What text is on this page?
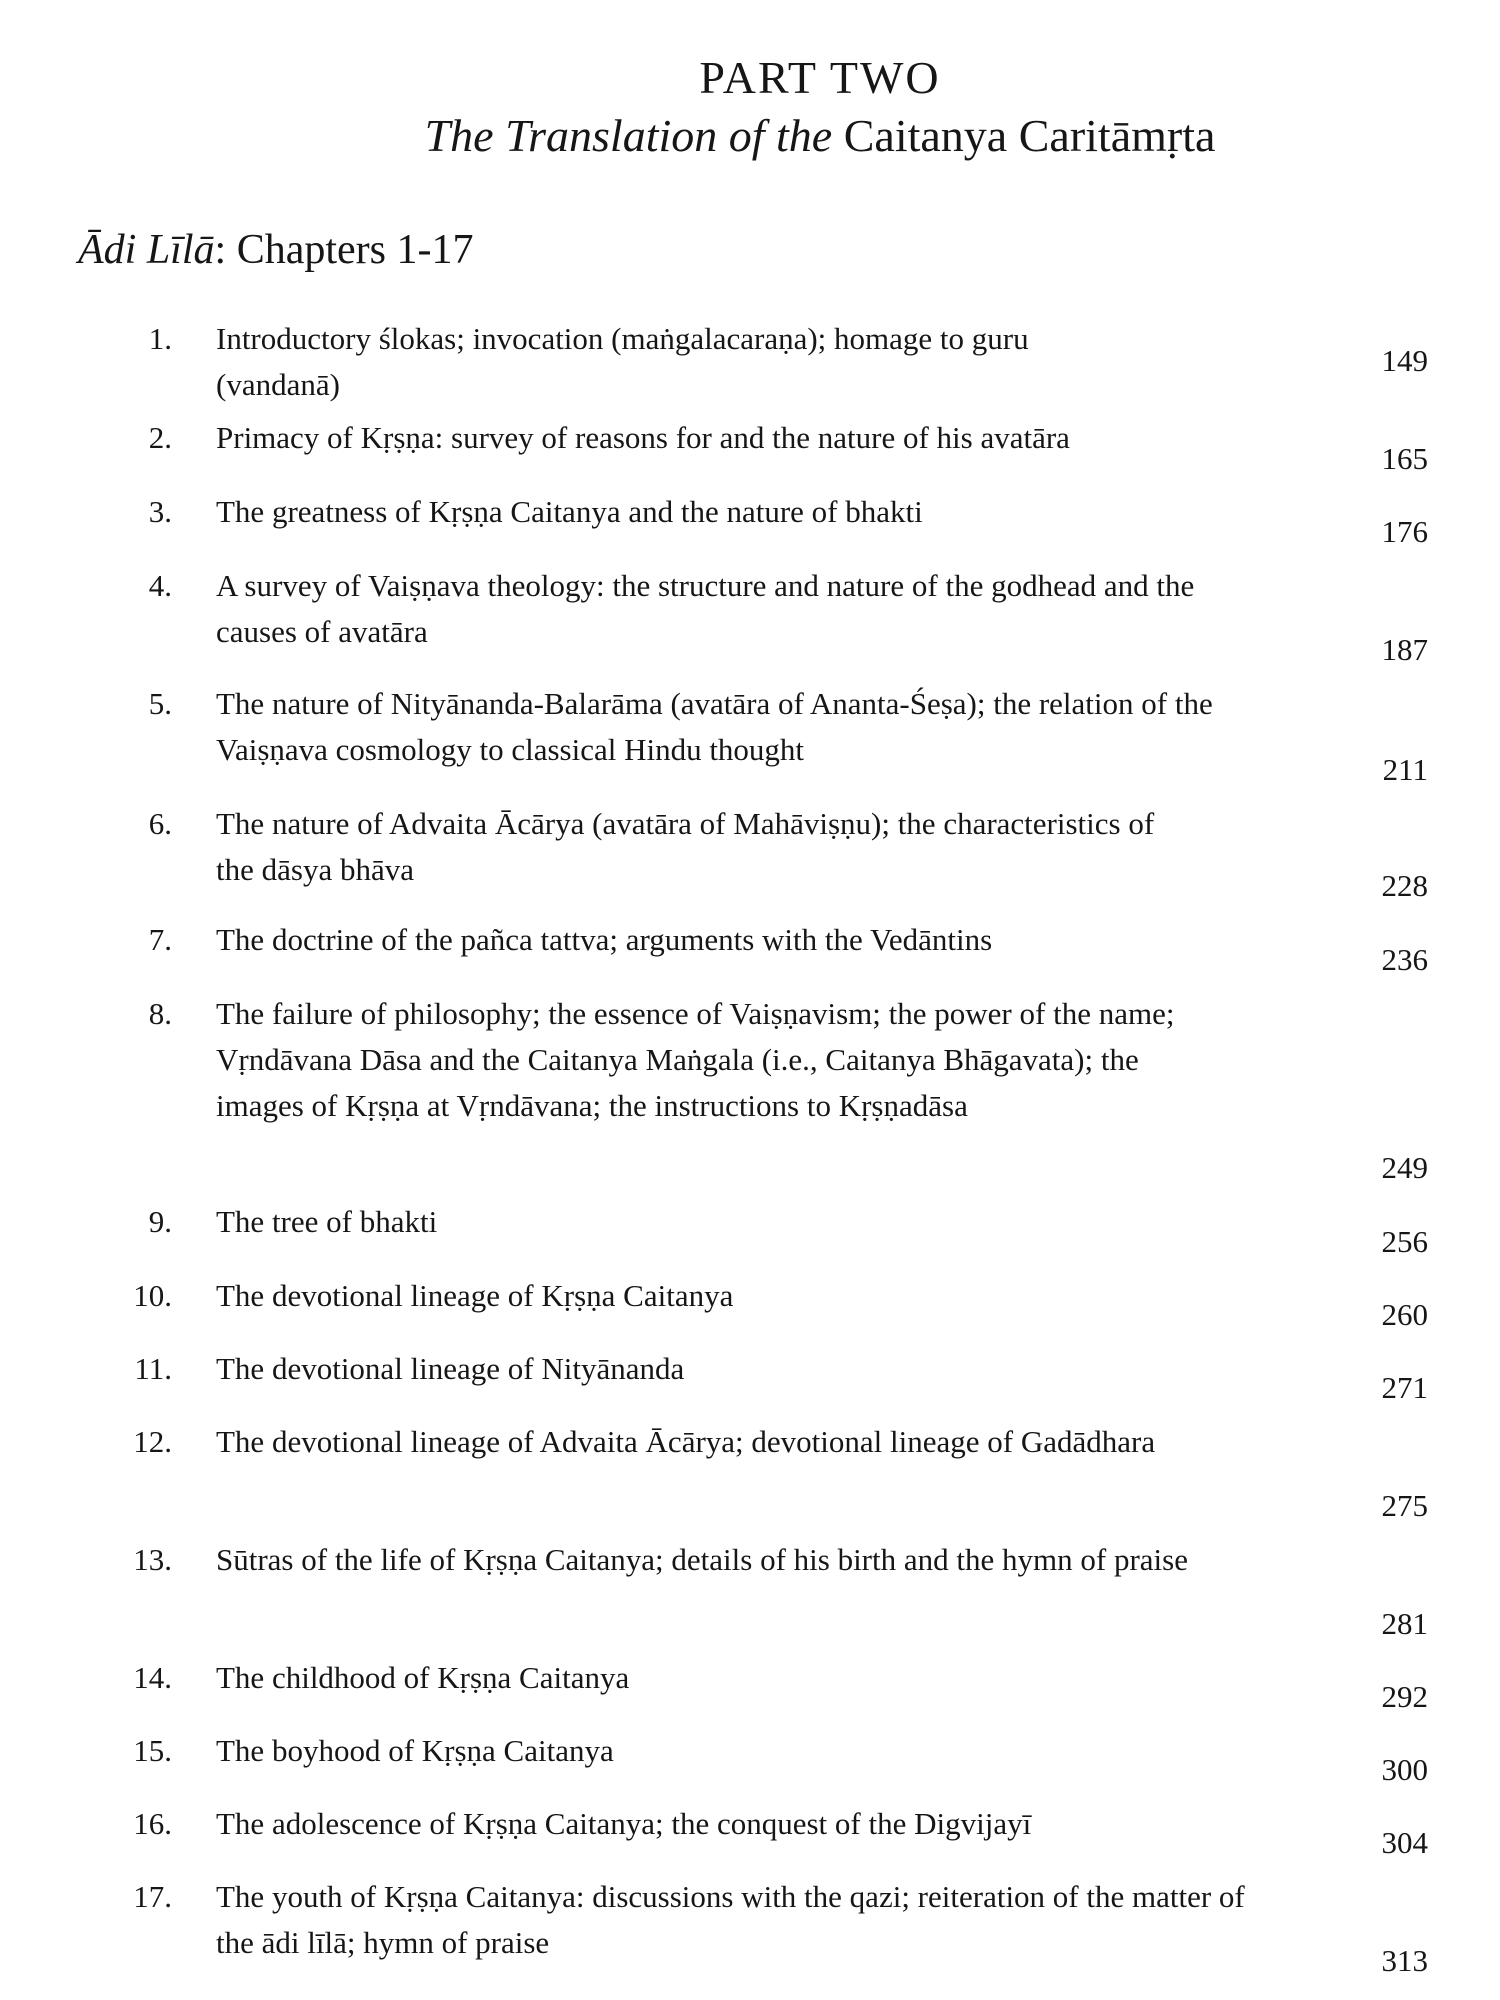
PART TWO
The Translation of the Caitanya Caritāmṛta
Ādi Līlā: Chapters 1-17
1. Introductory ślokas; invocation (maṅgalacaraṇa); homage to guru (vandanā)
149
2. Primacy of Kṛṣṇa: survey of reasons for and the nature of his avatāra
165
3. The greatness of Kṛṣṇa Caitanya and the nature of bhakti
176
4. A survey of Vaiṣṇava theology: the structure and nature of the godhead and the causes of avatāra
187
5. The nature of Nityānanda-Balarāma (avatāra of Ananta-Śeṣa); the relation of the Vaiṣṇava cosmology to classical Hindu thought
211
6. The nature of Advaita Ācārya (avatāra of Mahāviṣṇu); the characteristics of the dāsya bhāva	228
7. The doctrine of the pañca tattva; arguments with the Vedāntins
236
8. The failure of philosophy; the essence of Vaiṣṇavism; the power of the name; Vṛndāvana Dāsa and the Caitanya Maṅgala (i.e., Caitanya Bhāgavata); the images of Kṛṣṇa at Vṛndāvana; the instructions to Kṛṣṇadāsa
249
9. The tree of bhakti
256
10. The devotional lineage of Kṛṣṇa Caitanya
260
11. The devotional lineage of Nityānanda
271
12. The devotional lineage of Advaita Ācārya; devotional lineage of Gadādhara
275
13. Sūtras of the life of Kṛṣṇa Caitanya; details of his birth and the hymn of praise
281
14. The childhood of Kṛṣṇa Caitanya
292
15. The boyhood of Kṛṣṇa Caitanya
300
16. The adolescence of Kṛṣṇa Caitanya; the conquest of the Digvijayī
304
17. The youth of Kṛṣṇa Caitanya: discussions with the qazi; reiteration of the matter of the ādi līlā; hymn of praise
313
